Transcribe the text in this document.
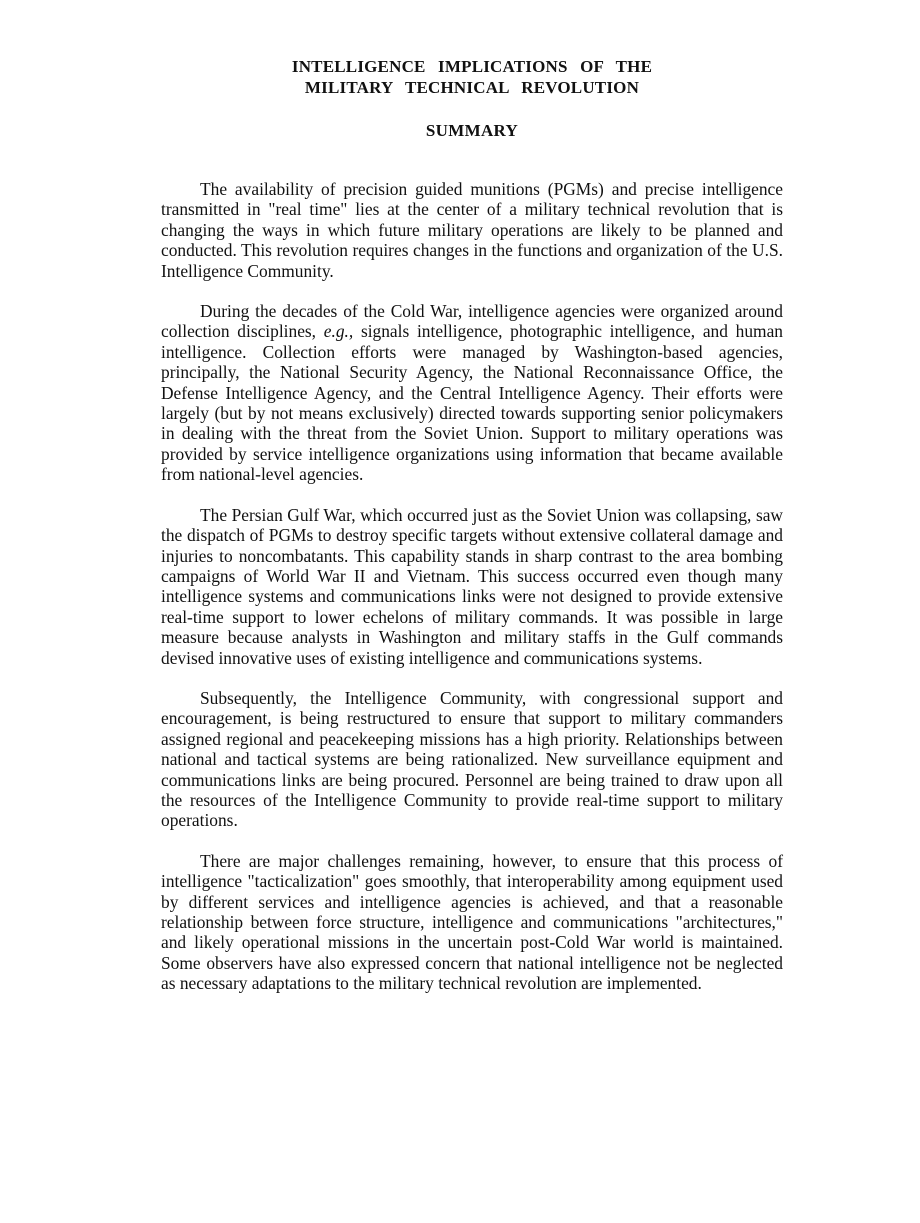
INTELLIGENCE IMPLICATIONS OF THE
MILITARY TECHNICAL REVOLUTION
SUMMARY

The availability of precision guided munitions (PGMs) and precise intelligence transmitted in "real time" lies at the center of a military technical revolution that is changing the ways in which future military operations are likely to be planned and conducted. This revolution requires changes in the functions and organization of the U.S. Intelligence Community.

During the decades of the Cold War, intelligence agencies were organized around collection disciplines, e.g., signals intelligence, photographic intelligence, and human intelligence. Collection efforts were managed by Washington-based agencies, principally, the National Security Agency, the National Reconnaissance Office, the Defense Intelligence Agency, and the Central Intelligence Agency. Their efforts were largely (but by not means exclusively) directed towards supporting senior policymakers in dealing with the threat from the Soviet Union. Support to military operations was provided by service intelligence organizations using information that became available from national-level agencies.

The Persian Gulf War, which occurred just as the Soviet Union was collapsing, saw the dispatch of PGMs to destroy specific targets without extensive collateral damage and injuries to noncombatants. This capability stands in sharp contrast to the area bombing campaigns of World War II and Vietnam. This success occurred even though many intelligence systems and communications links were not designed to provide extensive real-time support to lower echelons of military commands. It was possible in large measure because analysts in Washington and military staffs in the Gulf commands devised innovative uses of existing intelligence and communications systems.

Subsequently, the Intelligence Community, with congressional support and encouragement, is being restructured to ensure that support to military commanders assigned regional and peacekeeping missions has a high priority. Relationships between national and tactical systems are being rationalized. New surveillance equipment and communications links are being procured. Personnel are being trained to draw upon all the resources of the Intelligence Community to provide real-time support to military operations.

There are major challenges remaining, however, to ensure that this process of intelligence "tacticalization" goes smoothly, that interoperability among equipment used by different services and intelligence agencies is achieved, and that a reasonable relationship between force structure, intelligence and communications "architectures," and likely operational missions in the uncertain post-Cold War world is maintained. Some observers have also expressed concern that national intelligence not be neglected as necessary adaptations to the military technical revolution are implemented.
